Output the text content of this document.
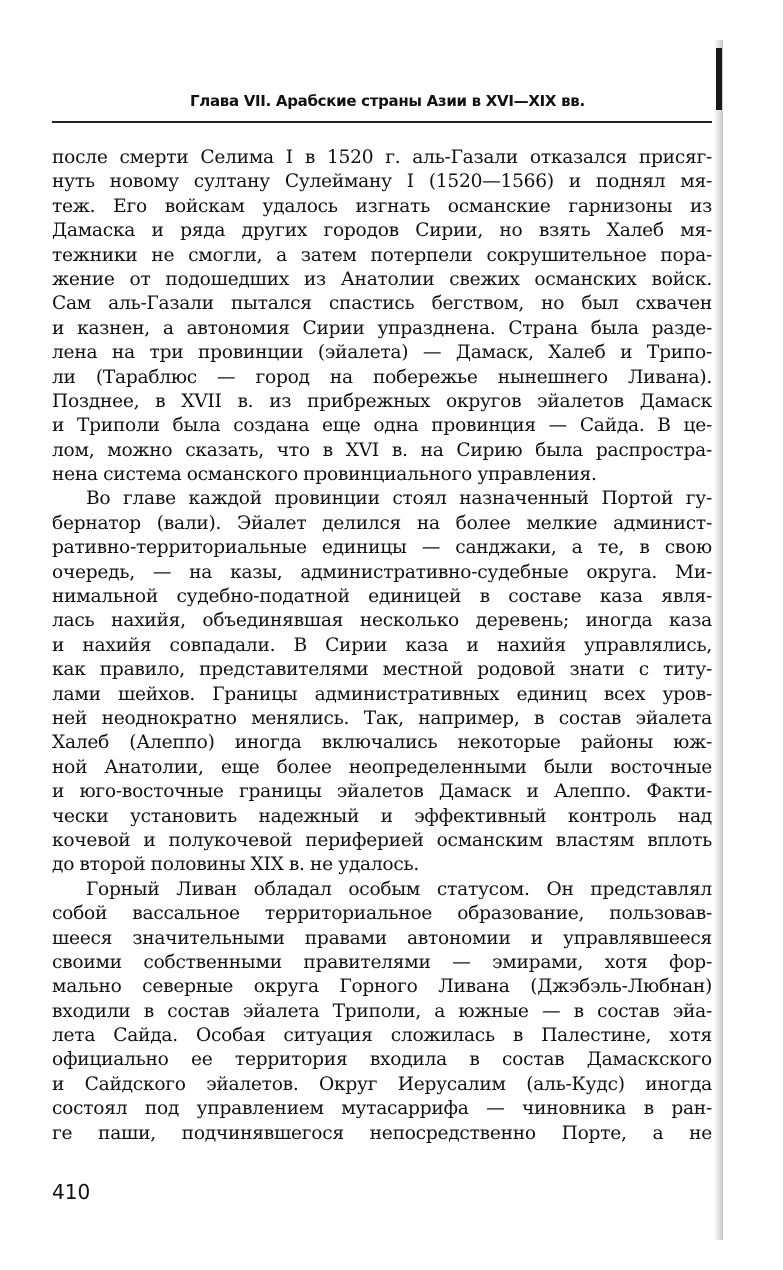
Глава VII. Арабские страны Азии в XVI—XIX вв.
после смерти Селима I в 1520 г. аль-Газали отказался присяг-
нуть новому султану Сулейману I (1520—1566) и поднял мя-
теж. Его войскам удалось изгнать османские гарнизоны из
Дамаска и ряда других городов Сирии, но взять Халеб мя-
тежники не смогли, а затем потерпели сокрушительное пора-
жение от подошедших из Анатолии свежих османских войск.
Сам аль-Газали пытался спастись бегством, но был схвачен
и казнен, а автономия Сирии упразднена. Страна была разде-
лена на три провинции (эйалета) — Дамаск, Халеб и Трипо-
ли (Тараблюс — город на побережье нынешнего Ливана).
Позднее, в XVII в. из прибрежных округов эйалетов Дамаск
и Триполи была создана еще одна провинция — Сайда. В це-
лом, можно сказать, что в XVI в. на Сирию была распростра-
нена система османского провинциального управления.
Во главе каждой провинции стоял назначенный Портой гу-
бернатор (вали). Эйалет делился на более мелкие админист-
ративно-территориальные единицы — санджаки, а те, в свою
очередь, — на казы, административно-судебные округа. Ми-
нимальной судебно-податной единицей в составе каза явля-
лась нахийя, объединявшая несколько деревень; иногда каза
и нахийя совпадали. В Сирии каза и нахийя управлялись,
как правило, представителями местной родовой знати с титу-
лами шейхов. Границы административных единиц всех уров-
ней неоднократно менялись. Так, например, в состав эйалета
Халеб (Алеппо) иногда включались некоторые районы юж-
ной Анатолии, еще более неопределенными были восточные
и юго-восточные границы эйалетов Дамаск и Алеппо. Факти-
чески установить надежный и эффективный контроль над
кочевой и полукочевой периферией османским властям вплоть
до второй половины XIX в. не удалось.
Горный Ливан обладал особым статусом. Он представлял
собой вассальное территориальное образование, пользовав-
шееся значительными правами автономии и управлявшееся
своими собственными правителями — эмирами, хотя фор-
мально северные округа Горного Ливана (Джэбэль-Любнан)
входили в состав эйалета Триполи, а южные — в состав эйа-
лета Сайда. Особая ситуация сложилась в Палестине, хотя
официально ее территория входила в состав Дамаскского
и Сайдского эйалетов. Округ Иерусалим (аль-Кудс) иногда
состоял под управлением мутасаррифа — чиновника в ран-
ге паши, подчинявшегося непосредственно Порте, а не
410
